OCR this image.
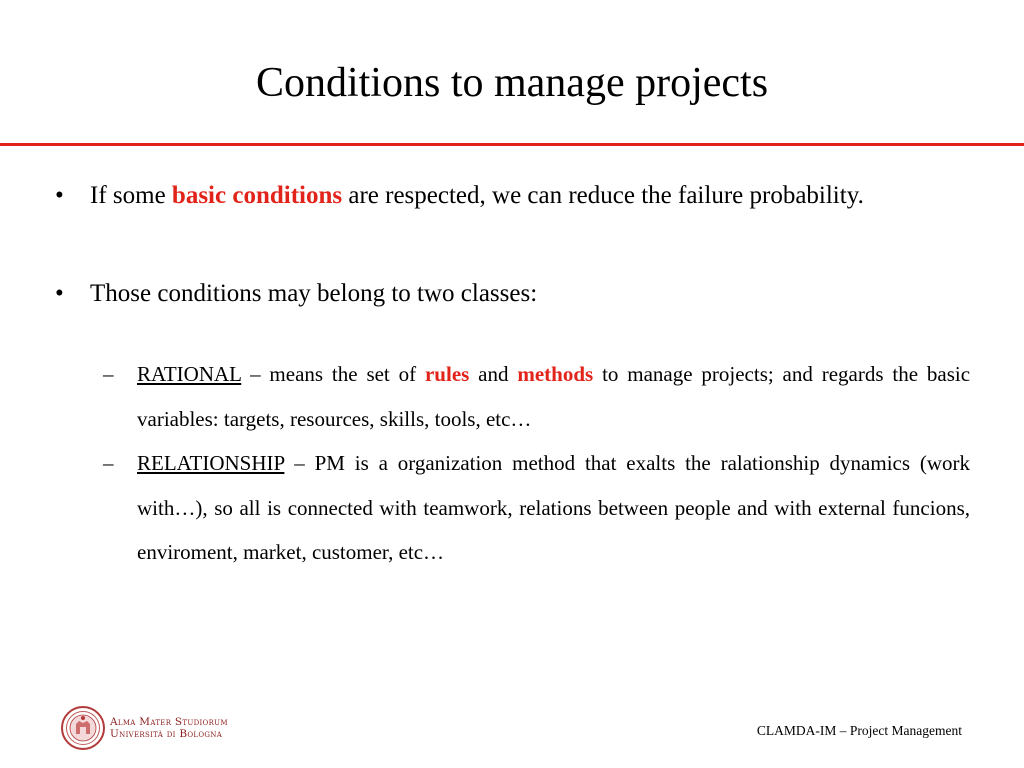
Conditions to manage projects
• If some basic conditions are respected, we can reduce the failure probability.
• Those conditions may belong to two classes:
– RATIONAL – means the set of rules and methods to manage projects; and regards the basic variables: targets, resources, skills, tools, etc…
– RELATIONSHIP – PM is a organization method that exalts the ralationship dynamics (work with…), so all is connected with teamwork, relations between people and with external funcions, enviroment, market, customer, etc…
Alma Mater Studiorum
Università di Bologna	CLAMDA-IM – Project Management
